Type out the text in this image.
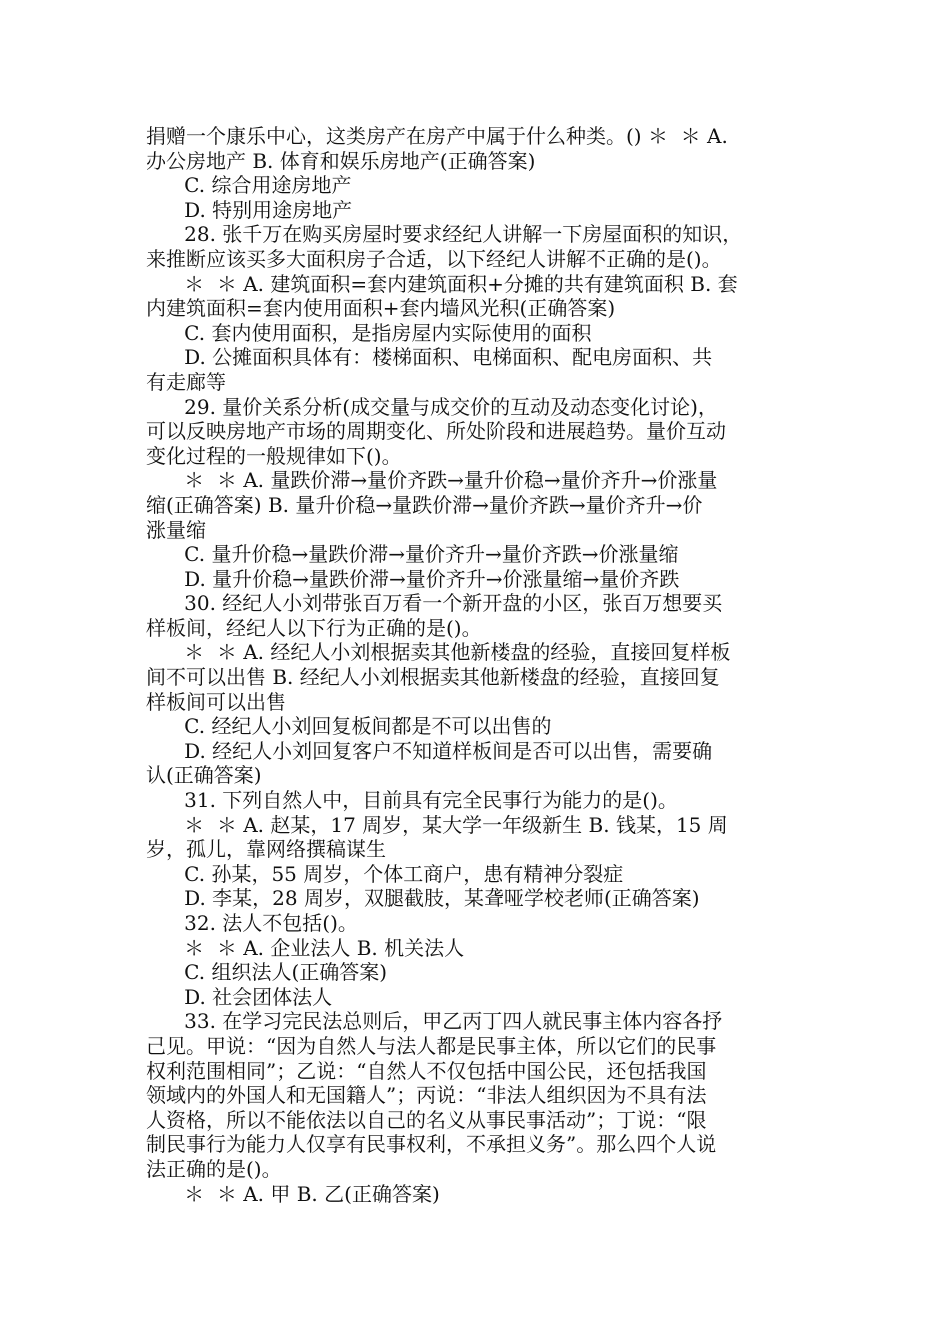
捐赠一个康乐中心，这类房产在房产中属于什么种类。() ＊  ＊ A.
办公房地产 B. 体育和娱乐房地产(正确答案)
C. 综合用途房地产
D. 特别用途房地产
28. 张千万在购买房屋时要求经纪人讲解一下房屋面积的知识，
来推断应该买多大面积房子合适，以下经纪人讲解不正确的是()。
＊  ＊ A. 建筑面积=套内建筑面积+分摊的共有建筑面积 B. 套
内建筑面积=套内使用面积+套内墙风光积(正确答案)
C. 套内使用面积，是指房屋内实际使用的面积
D. 公摊面积具体有：楼梯面积、电梯面积、配电房面积、共
有走廊等
29. 量价关系分析(成交量与成交价的互动及动态变化讨论)，
可以反映房地产市场的周期变化、所处阶段和进展趋势。量价互动
变化过程的一般规律如下()。
＊  ＊ A. 量跌价滞→量价齐跌→量升价稳→量价齐升→价涨量
缩(正确答案) B. 量升价稳→量跌价滞→量价齐跌→量价齐升→价
涨量缩
C. 量升价稳→量跌价滞→量价齐升→量价齐跌→价涨量缩
D. 量升价稳→量跌价滞→量价齐升→价涨量缩→量价齐跌
30. 经纪人小刘带张百万看一个新开盘的小区，张百万想要买
样板间，经纪人以下行为正确的是()。
＊  ＊ A. 经纪人小刘根据卖其他新楼盘的经验，直接回复样板
间不可以出售 B. 经纪人小刘根据卖其他新楼盘的经验，直接回复
样板间可以出售
C. 经纪人小刘回复板间都是不可以出售的
D. 经纪人小刘回复客户不知道样板间是否可以出售，需要确
认(正确答案)
31. 下列自然人中，目前具有完全民事行为能力的是()。
＊  ＊ A. 赵某，17 周岁，某大学一年级新生 B. 钱某，15 周
岁，孤儿，靠网络撰稿谋生
C. 孙某，55 周岁，个体工商户，患有精神分裂症
D. 李某，28 周岁，双腿截肢，某聋哑学校老师(正确答案)
32. 法人不包括()。
＊  ＊ A. 企业法人 B. 机关法人
C. 组织法人(正确答案)
D. 社会团体法人
33. 在学习完民法总则后，甲乙丙丁四人就民事主体内容各抒
己见。甲说：“因为自然人与法人都是民事主体，所以它们的民事
权利范围相同”；乙说：“自然人不仅包括中国公民，还包括我国
领域内的外国人和无国籍人”；丙说：“非法人组织因为不具有法
人资格，所以不能依法以自己的名义从事民事活动”；丁说：“限
制民事行为能力人仅享有民事权利，不承担义务”。那么四个人说
法正确的是()。
＊  ＊ A. 甲 B. 乙(正确答案)
